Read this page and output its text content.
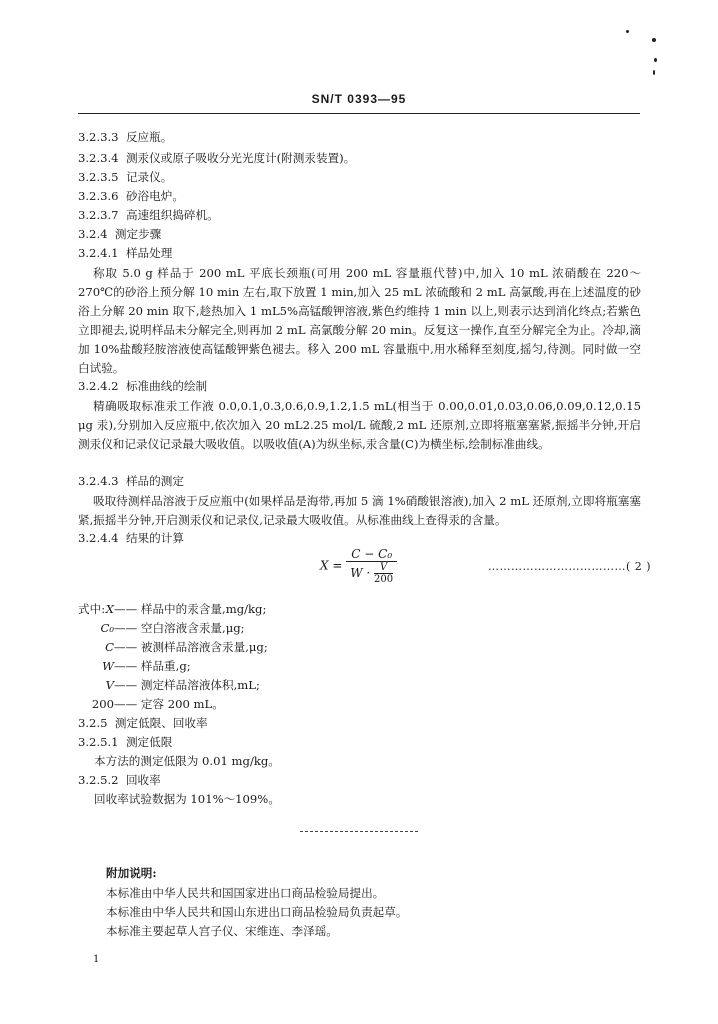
SN/T 0393—95
3.2.3.3 反应瓶。
3.2.3.4 测汞仪或原子吸收分光光度计(附测汞装置)。
3.2.3.5 记录仪。
3.2.3.6 砂浴电炉。
3.2.3.7 高速组织捣碎机。
3.2.4 测定步骤
3.2.4.1 样品处理
称取 5.0 g 样品于 200 mL 平底长颈瓶(可用 200 mL 容量瓶代替)中,加入 10 mL 浓硝酸在 220～270℃的砂浴上预分解 10 min 左右,取下放置 1 min,加入 25 mL 浓硫酸和 2 mL 高氯酸,再在上述温度的砂浴上分解 20 min 取下,趁热加入 1 mL5%高锰酸钾溶液,紫色约维持 1 min 以上,则表示达到消化终点;若紫色立即褪去,说明样品未分解完全,则再加 2 mL 高氯酸分解 20 min。反复这一操作,直至分解完全为止。冷却,滴加 10%盐酸羟胺溶液使高锰酸钾紫色褪去。移入 200 mL 容量瓶中,用水稀释至刻度,摇匀,待测。同时做一空白试验。
3.2.4.2 标准曲线的绘制
精确吸取标准汞工作液 0.0,0.1,0.3,0.6,0.9,1.2,1.5 mL(相当于 0.00,0.01,0.03,0.06,0.09,0.12,0.15 μg 汞),分别加入反应瓶中,依次加入 20 mL2.25 mol/L 硫酸,2 mL 还原剂,立即将瓶塞塞紧,振摇半分钟,开启测汞仪和记录仪记录最大吸收值。以吸收值(A)为纵坐标,汞含量(C)为横坐标,绘制标准曲线。
3.2.4.3 样品的测定
吸取待测样品溶液于反应瓶中(如果样品是海带,再加 5 滴 1%硝酸银溶液),加入 2 mL 还原剂,立即将瓶塞塞紧,振摇半分钟,开启测汞仪和记录仪,记录最大吸收值。从标准曲线上查得汞的含量。
3.2.4.4 结果的计算
$X = \frac{\text{C − C₀}}{W \cdot \frac{V}{200}}$	………………………………( 2 )
式中: X—— 样品中的汞含量,mg/kg;
C₀—— 空白溶液含汞量,μg;
C—— 被测样品溶液含汞量,μg;
W—— 样品重,g;
V—— 测定样品溶液体积,mL;
200—— 定容 200 mL。
3.2.5 测定低限、回收率
3.2.5.1 测定低限
本方法的测定低限为 0.01 mg/kg。
3.2.5.2 回收率
回收率试验数据为 101%～109%。
附加说明:
本标准由中华人民共和国国家进出口商品检验局提出。
本标准由中华人民共和国山东进出口商品检验局负责起草。
本标准主要起草人宫子仪、宋维连、李泽瑶。
1
